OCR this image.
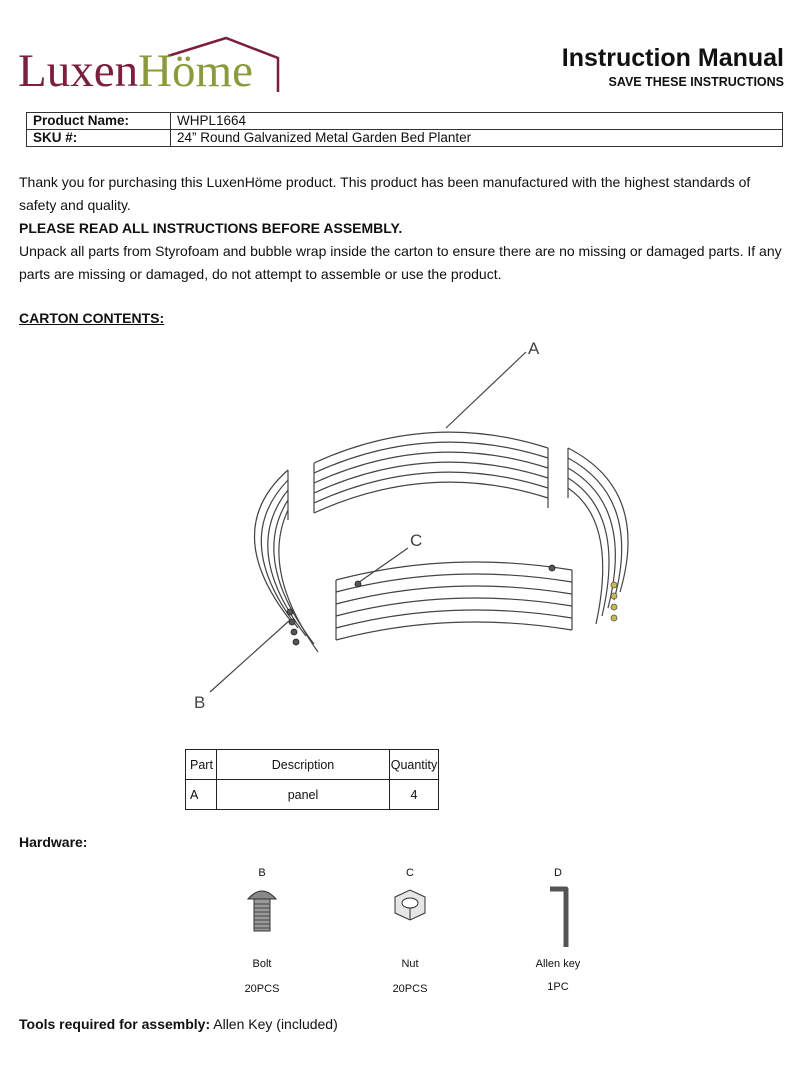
LuxenHöme	Instruction Manual
SAVE THESE INSTRUCTIONS
Product Name:	WHPL1664
SKU #:	24” Round Galvanized Metal Garden Bed Planter

Thank you for purchasing this LuxenHöme product. This product has been manufactured with the highest standards of safety and quality.

PLEASE READ ALL INSTRUCTIONS BEFORE ASSEMBLY.

Unpack all parts from Styrofoam and bubble wrap inside the carton to ensure there are no missing or damaged parts. If any parts are missing or damaged, do not attempt to assemble or use the product.

CARTON CONTENTS:
A
C
B
Part	Description	Quantity
A	panel	4
Hardware:
B
Bolt
20PCS
C
Nut
20PCS
D
Allen key
1PC
Tools required for assembly: Allen Key (included)
